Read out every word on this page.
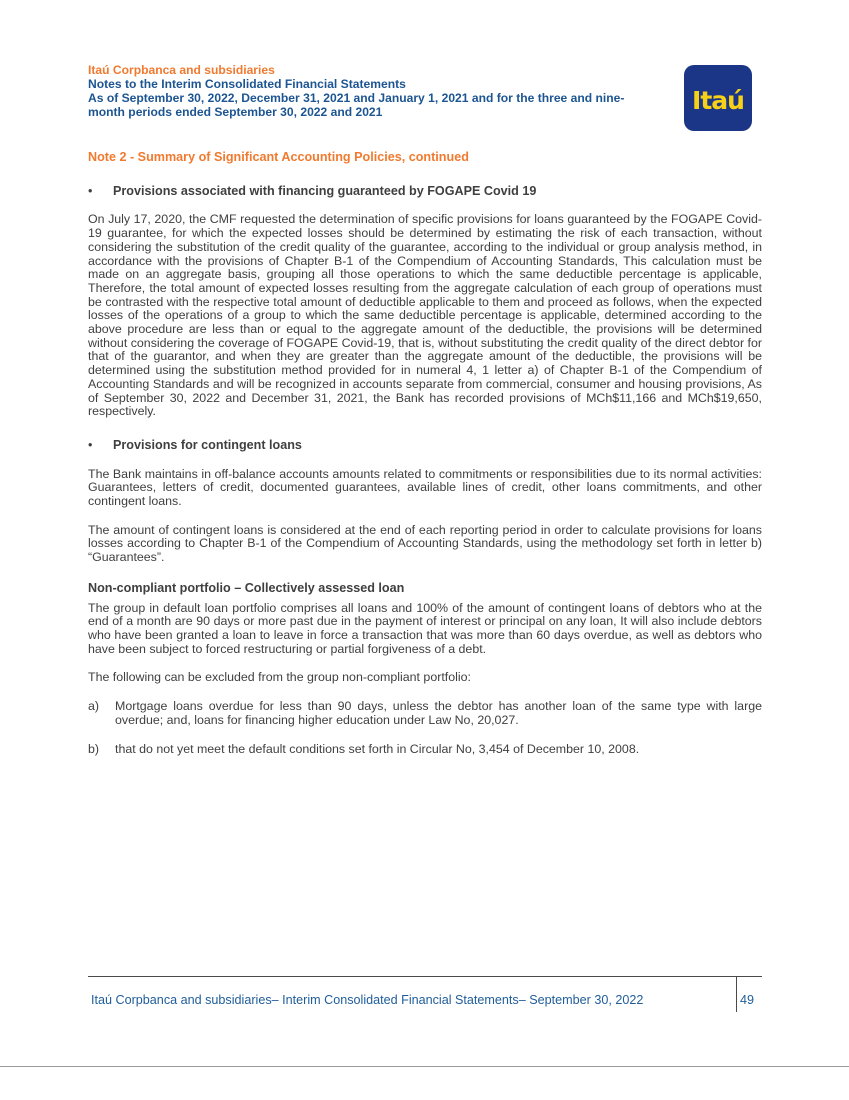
Itaú Corpbanca and subsidiaries
Notes to the Interim Consolidated Financial Statements
As of September 30, 2022, December 31, 2021 and January 1, 2021 and for the three and nine-
month periods ended September 30, 2022 and 2021	Itaú

Note 2 - Summary of Significant Accounting Policies, continued

• Provisions associated with financing guaranteed by FOGAPE Covid 19

On July 17, 2020, the CMF requested the determination of specific provisions for loans guaranteed by the FOGAPE Covid-19 guarantee, for which the expected losses should be determined by estimating the risk of each transaction, without considering the substitution of the credit quality of the guarantee, according to the individual or group analysis method, in accordance with the provisions of Chapter B-1 of the Compendium of Accounting Standards, This calculation must be made on an aggregate basis, grouping all those operations to which the same deductible percentage is applicable, Therefore, the total amount of expected losses resulting from the aggregate calculation of each group of operations must be contrasted with the respective total amount of deductible applicable to them and proceed as follows, when the expected losses of the operations of a group to which the same deductible percentage is applicable, determined according to the above procedure are less than or equal to the aggregate amount of the deductible, the provisions will be determined without considering the coverage of FOGAPE Covid-19, that is, without substituting the credit quality of the direct debtor for that of the guarantor, and when they are greater than the aggregate amount of the deductible, the provisions will be determined using the substitution method provided for in numeral 4, 1 letter a) of Chapter B-1 of the Compendium of Accounting Standards and will be recognized in accounts separate from commercial, consumer and housing provisions, As of September 30, 2022 and December 31, 2021, the Bank has recorded provisions of MCh$11,166 and MCh$19,650, respectively.

• Provisions for contingent loans

The Bank maintains in off-balance accounts amounts related to commitments or responsibilities due to its normal activities: Guarantees, letters of credit, documented guarantees, available lines of credit, other loans commitments, and other contingent loans.

The amount of contingent loans is considered at the end of each reporting period in order to calculate provisions for loans losses according to Chapter B-1 of the Compendium of Accounting Standards, using the methodology set forth in letter b) “Guarantees”.

Non-compliant portfolio – Collectively assessed loan

The group in default loan portfolio comprises all loans and 100% of the amount of contingent loans of debtors who at the end of a month are 90 days or more past due in the payment of interest or principal on any loan, It will also include debtors who have been granted a loan to leave in force a transaction that was more than 60 days overdue, as well as debtors who have been subject to forced restructuring or partial forgiveness of a debt.

The following can be excluded from the group non-compliant portfolio:

a) Mortgage loans overdue for less than 90 days, unless the debtor has another loan of the same type with large overdue; and, loans for financing higher education under Law No, 20,027.
b) that do not yet meet the default conditions set forth in Circular No, 3,454 of December 10, 2008.
Itaú Corpbanca and subsidiaries– Interim Consolidated Financial Statements– September 30, 2022	49
